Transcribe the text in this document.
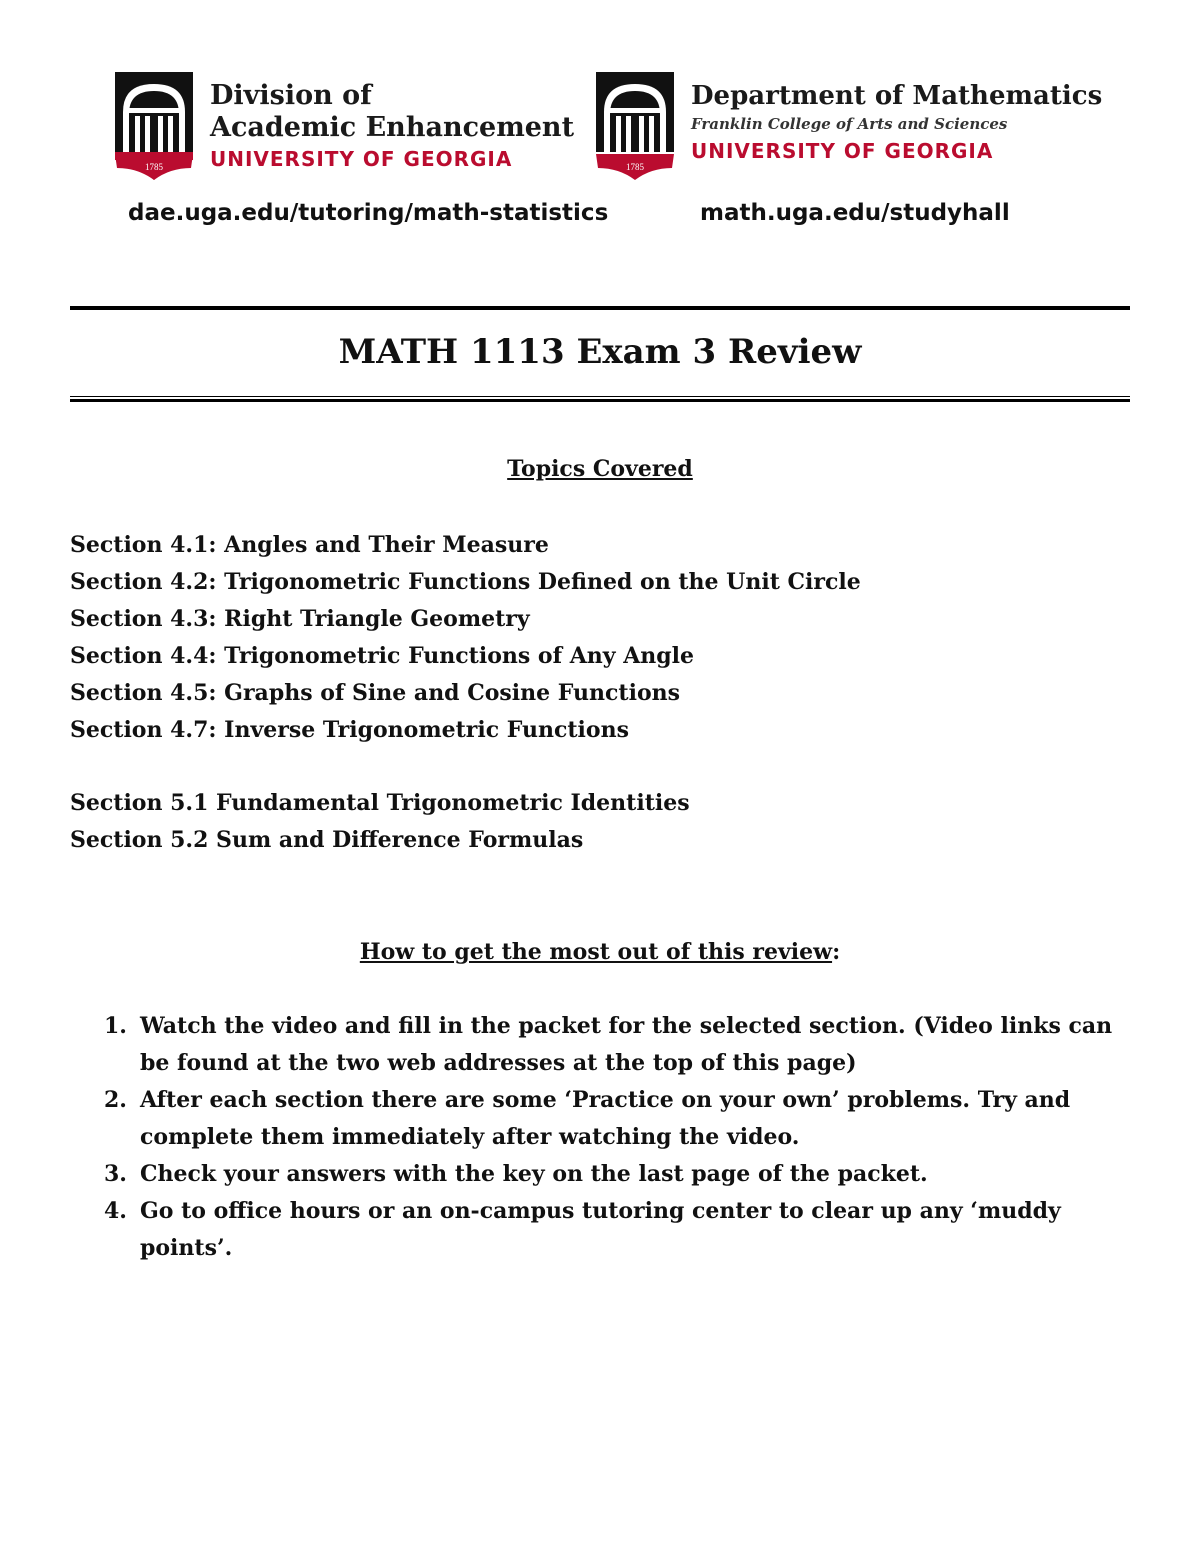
1785
Division of
Academic Enhancement
UNIVERSITY OF GEORGIA	1785
Department of Mathematics
Franklin College of Arts and Sciences
UNIVERSITY OF GEORGIA
dae.uga.edu/tutoring/math-statistics	math.uga.edu/studyhall
MATH 1113 Exam 3 Review
Topics Covered
Section 4.1: Angles and Their Measure
Section 4.2: Trigonometric Functions Defined on the Unit Circle
Section 4.3: Right Triangle Geometry
Section 4.4: Trigonometric Functions of Any Angle
Section 4.5: Graphs of Sine and Cosine Functions
Section 4.7: Inverse Trigonometric Functions
Section 5.1 Fundamental Trigonometric Identities
Section 5.2 Sum and Difference Formulas
How to get the most out of this review:
1. Watch the video and fill in the packet for the selected section. (Video links can be found at the two web addresses at the top of this page)
2. After each section there are some ‘Practice on your own’ problems. Try and complete them immediately after watching the video.
3. Check your answers with the key on the last page of the packet.
4. Go to office hours or an on-campus tutoring center to clear up any ‘muddy points’.
